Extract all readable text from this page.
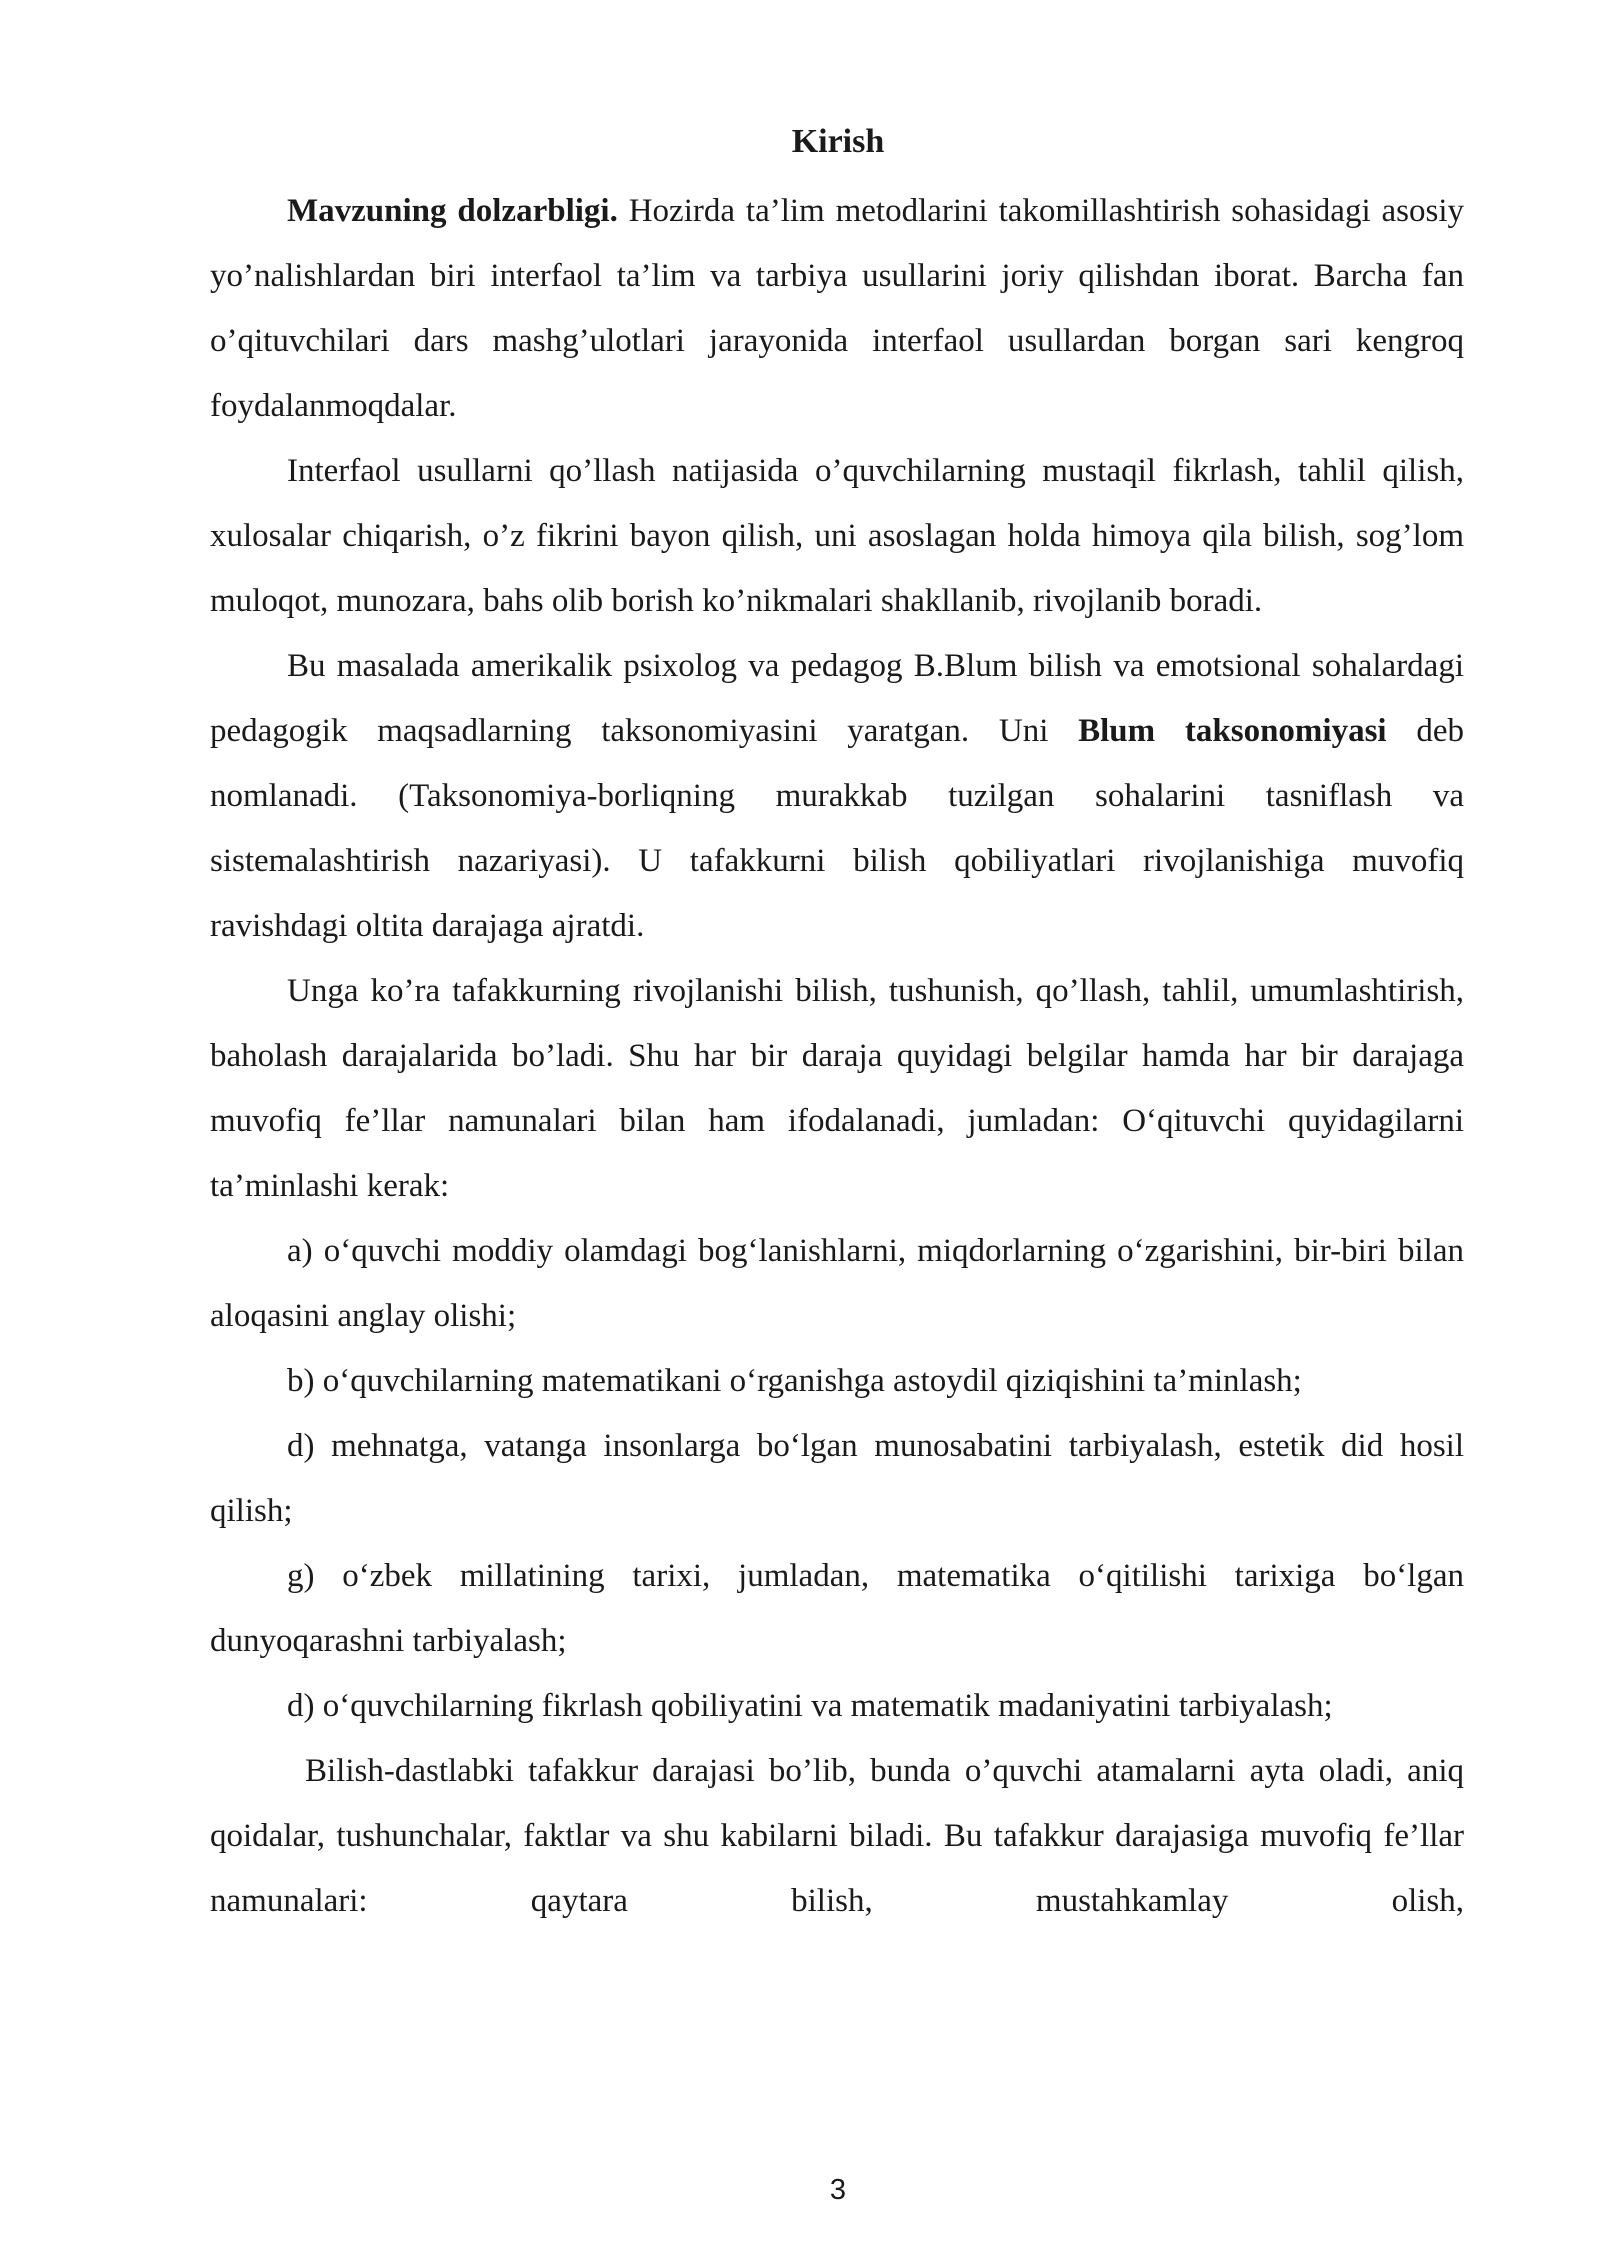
Kirish

Mavzuning dolzarbligi. Hozirda ta’lim metodlarini takomillashtirish sohasidagi asosiy yo’nalishlardan biri interfaol ta’lim va tarbiya usullarini joriy qilishdan iborat. Barcha fan o’qituvchilari dars mashg’ulotlari jarayonida interfaol usullardan borgan sari kengroq foydalanmoqdalar.

Interfaol usullarni qo’llash natijasida o’quvchilarning mustaqil fikrlash, tahlil qilish, xulosalar chiqarish, o’z fikrini bayon qilish, uni asoslagan holda himoya qila bilish, sog’lom muloqot, munozara, bahs olib borish ko’nikmalari shakllanib, rivojlanib boradi.

Bu masalada amerikalik psixolog va pedagog B.Blum bilish va emotsional sohalardagi pedagogik maqsadlarning taksonomiyasini yaratgan. Uni Blum taksonomiyasi deb nomlanadi. (Taksonomiya-borliqning murakkab tuzilgan sohalarini tasniflash va sistemalashtirish nazariyasi). U tafakkurni bilish qobiliyatlari rivojlanishiga muvofiq ravishdagi oltita darajaga ajratdi.

Unga ko’ra tafakkurning rivojlanishi bilish, tushunish, qo’llash, tahlil, umumlashtirish, baholash darajalarida bo’ladi. Shu har bir daraja quyidagi belgilar hamda har bir darajaga muvofiq fe’llar namunalari bilan ham ifodalanadi, jumladan: O‘qituvchi quyidagilarni ta’minlashi kerak:

a) o‘quvchi moddiy olamdagi bog‘lanishlarni, miqdorlarning o‘zgarishini, bir-biri bilan aloqasini anglay olishi;

b) o‘quvchilarning matematikani o‘rganishga astoydil qiziqishini ta’minlash;

d) mehnatga, vatanga insonlarga bo‘lgan munosabatini tarbiyalash, estetik did hosil qilish;

g) o‘zbek millatining tarixi, jumladan, matematika o‘qitilishi tarixiga bo‘lgan dunyoqarashni tarbiyalash;

d) o‘quvchilarning fikrlash qobiliyatini va matematik madaniyatini tarbiyalash;

Bilish-dastlabki tafakkur darajasi bo’lib, bunda o’quvchi atamalarni ayta oladi, aniq qoidalar, tushunchalar, faktlar va shu kabilarni biladi. Bu tafakkur darajasiga muvofiq fe’llar namunalari: qaytara bilish, mustahkamlay olish,

3
